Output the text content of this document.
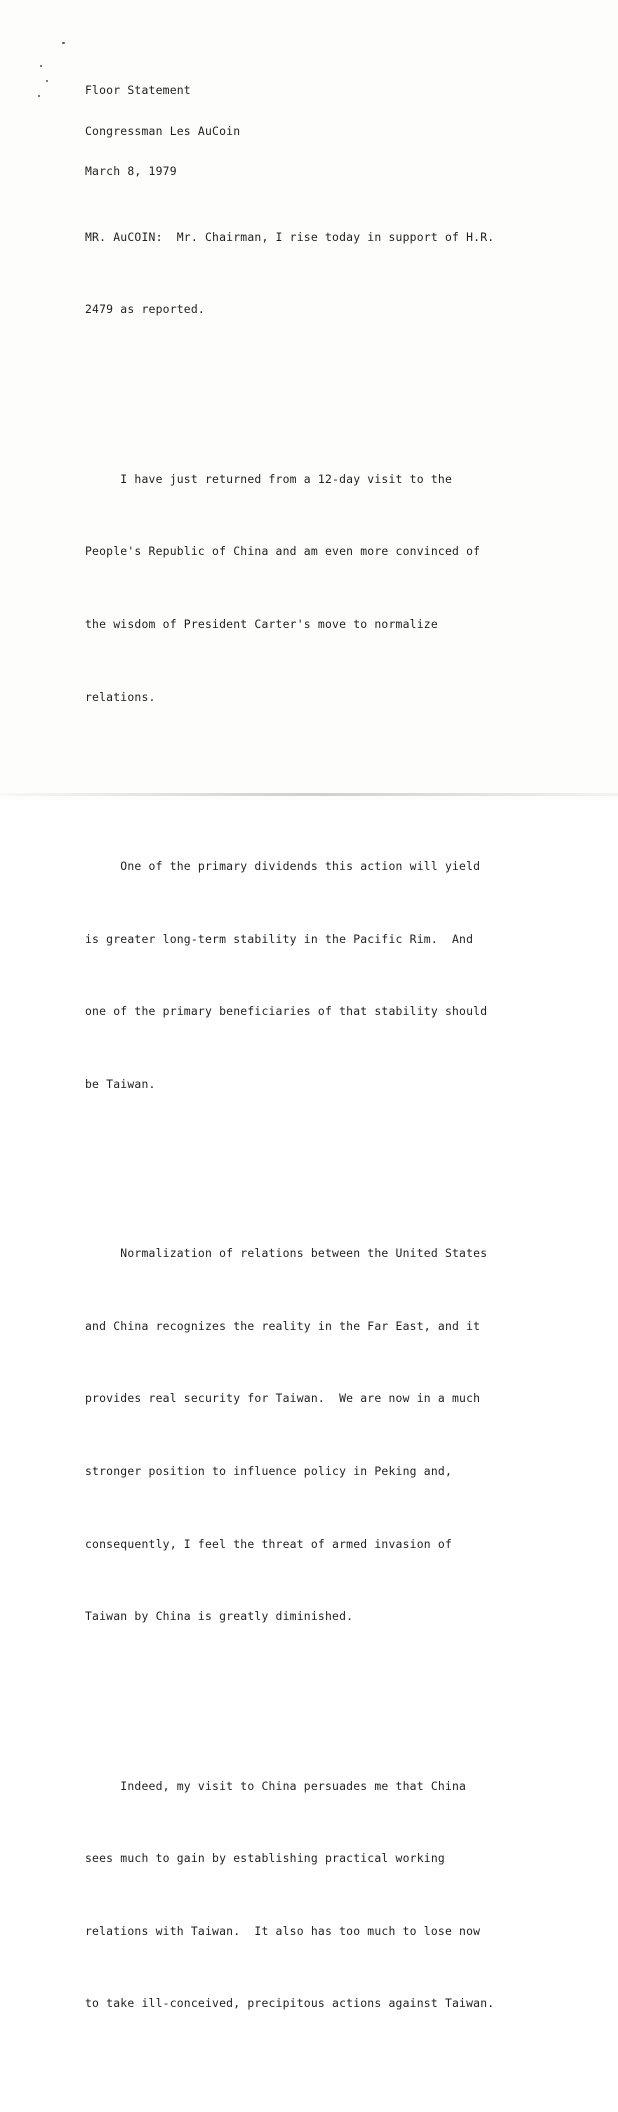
Floor Statement

Congressman Les AuCoin

March 8, 1979

MR. AuCOIN:  Mr. Chairman, I rise today in support of H.R.

2479 as reported.

I have just returned from a 12-day visit to the

People's Republic of China and am even more convinced of

the wisdom of President Carter's move to normalize

relations.

One of the primary dividends this action will yield

is greater long-term stability in the Pacific Rim.  And

one of the primary beneficiaries of that stability should

be Taiwan.

Normalization of relations between the United States

and China recognizes the reality in the Far East, and it

provides real security for Taiwan.  We are now in a much

stronger position to influence policy in Peking and,

consequently, I feel the threat of armed invasion of

Taiwan by China is greatly diminished.

Indeed, my visit to China persuades me that China

sees much to gain by establishing practical working

relations with Taiwan.  It also has too much to lose now

to take ill-conceived, precipitous actions against Taiwan.
